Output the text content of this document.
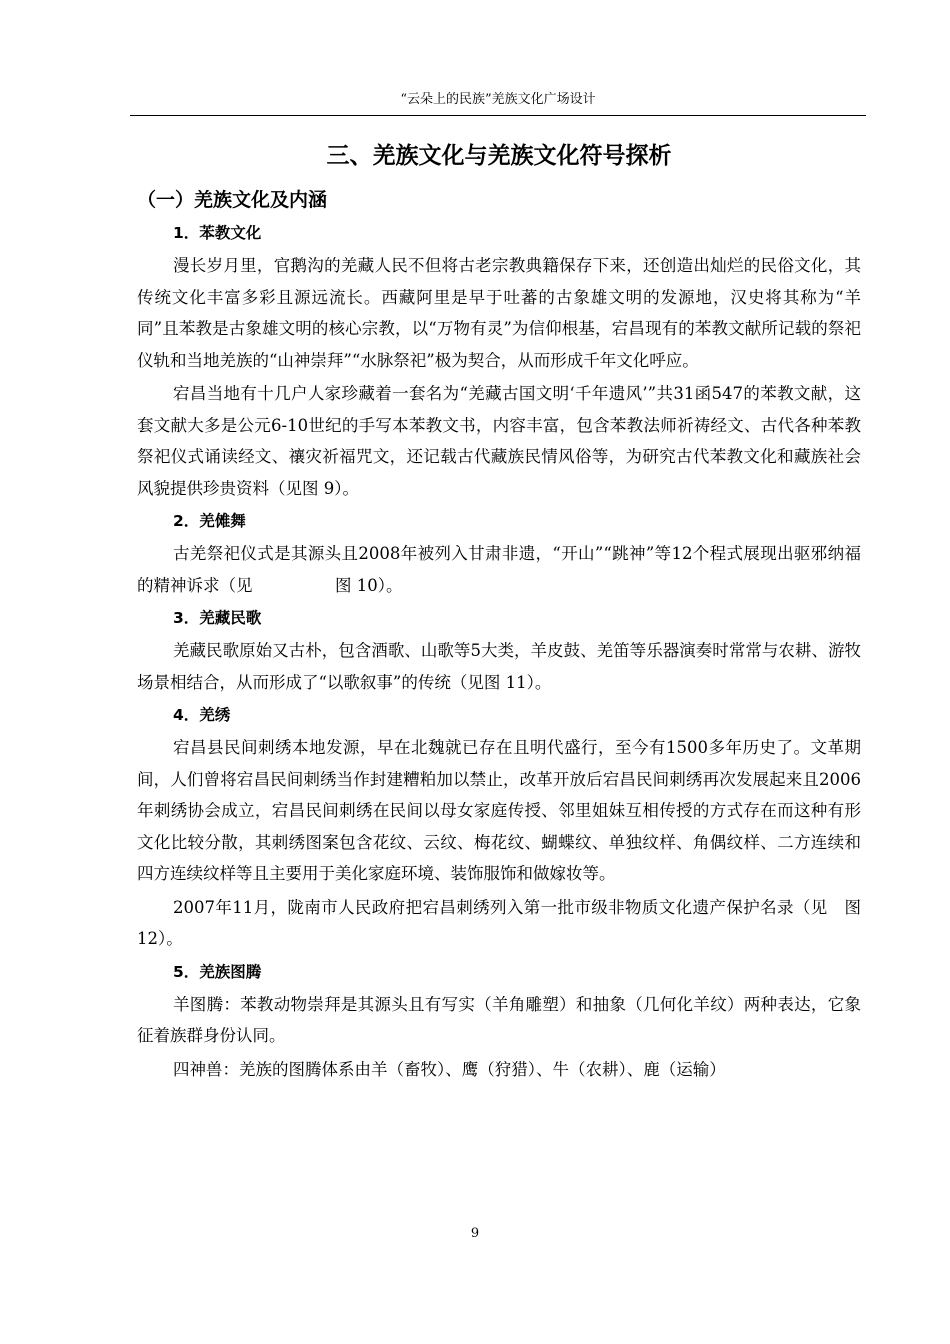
“云朵上的民族”羌族文化广场设计
三、羌族文化与羌族文化符号探析
（一）羌族文化及内涵
1．苯教文化
漫长岁月里，官鹅沟的羌藏人民不但将古老宗教典籍保存下来，还创造出灿烂的民俗文化，其传统文化丰富多彩且源远流长。西藏阿里是早于吐蕃的古象雄文明的发源地，汉史将其称为“羊同”且苯教是古象雄文明的核心宗教，以“万物有灵”为信仰根基，宕昌现有的苯教文献所记载的祭祀仪轨和当地羌族的“山神崇拜”“水脉祭祀”极为契合，从而形成千年文化呼应。
宕昌当地有十几户人家珍藏着一套名为“羌藏古国文明‘千年遗风’”共31函547的苯教文献，这套文献大多是公元6-10世纪的手写本苯教文书，内容丰富，包含苯教法师祈祷经文、古代各种苯教祭祀仪式诵读经文、禳灾祈福咒文，还记载古代藏族民情风俗等，为研究古代苯教文化和藏族社会风貌提供珍贵资料（见图 9）。
2．羌傩舞
古羌祭祀仪式是其源头且2008年被列入甘肃非遗，“开山”“跳神”等12个程式展现出驱邪纳福的精神诉求（见　　　　　图 10）。
3．羌藏民歌
羌藏民歌原始又古朴，包含酒歌、山歌等5大类，羊皮鼓、羌笛等乐器演奏时常常与农耕、游牧场景相结合，从而形成了“以歌叙事”的传统（见图 11）。
4．羌绣
宕昌县民间刺绣本地发源，早在北魏就已存在且明代盛行，至今有1500多年历史了。文革期间，人们曾将宕昌民间刺绣当作封建糟粕加以禁止，改革开放后宕昌民间刺绣再次发展起来且2006年刺绣协会成立，宕昌民间刺绣在民间以母女家庭传授、邻里姐妹互相传授的方式存在而这种有形文化比较分散，其刺绣图案包含花纹、云纹、梅花纹、蝴蝶纹、单独纹样、角偶纹样、二方连续和四方连续纹样等且主要用于美化家庭环境、装饰服饰和做嫁妆等。
2007年11月，陇南市人民政府把宕昌刺绣列入第一批市级非物质文化遗产保护名录（见　图 12）。
5．羌族图腾
羊图腾：苯教动物崇拜是其源头且有写实（羊角雕塑）和抽象（几何化羊纹）两种表达，它象征着族群身份认同。
四神兽：羌族的图腾体系由羊（畜牧）、鹰（狩猎）、牛（农耕）、鹿（运输）
9
